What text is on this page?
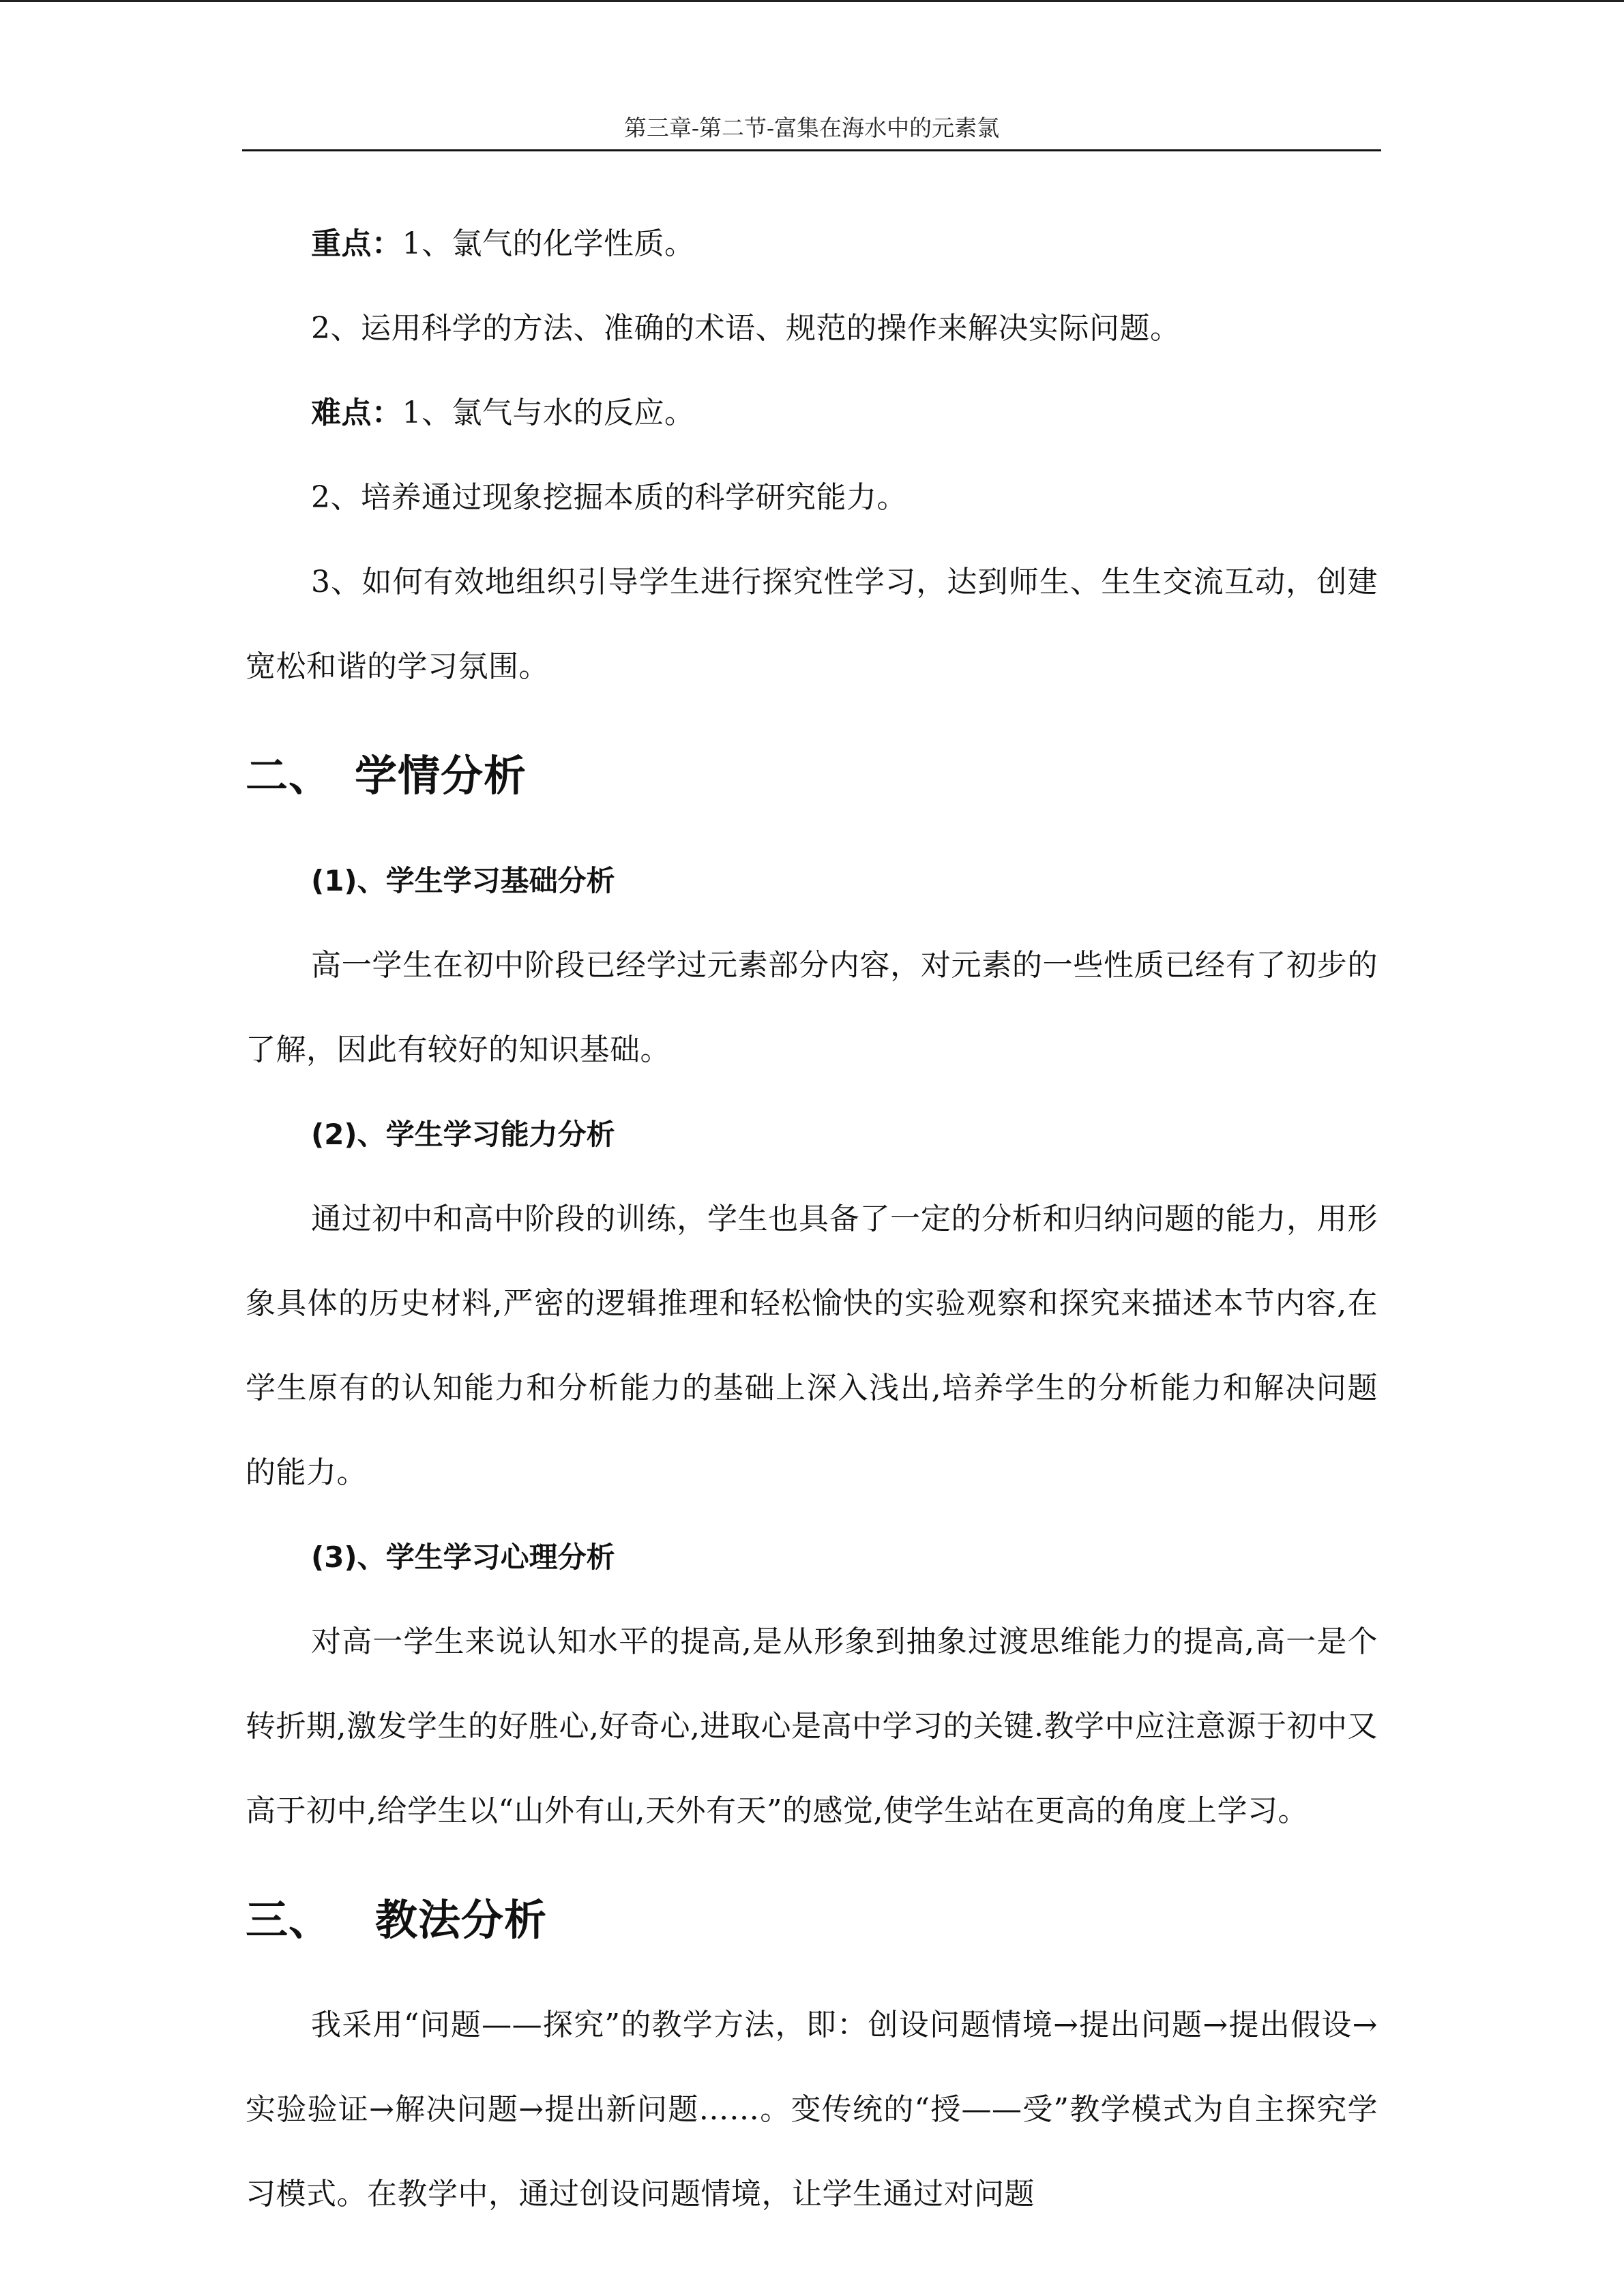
第三章-第二节-富集在海水中的元素氯

重点：1、氯气的化学性质。

2、运用科学的方法、准确的术语、规范的操作来解决实际问题。

难点：1、氯气与水的反应。

2、培养通过现象挖掘本质的科学研究能力。

3、如何有效地组织引导学生进行探究性学习，达到师生、生生交流互动，创建宽松和谐的学习氛围。

二、 学情分析

(1)、学生学习基础分析

高一学生在初中阶段已经学过元素部分内容，对元素的一些性质已经有了初步的了解，因此有较好的知识基础。

(2)、学生学习能力分析

通过初中和高中阶段的训练，学生也具备了一定的分析和归纳问题的能力，用形象具体的历史材料,严密的逻辑推理和轻松愉快的实验观察和探究来描述本节内容,在学生原有的认知能力和分析能力的基础上深入浅出,培养学生的分析能力和解决问题的能力。

(3)、学生学习心理分析

对高一学生来说认知水平的提高,是从形象到抽象过渡思维能力的提高,高一是个转折期,激发学生的好胜心,好奇心,进取心是高中学习的关键.教学中应注意源于初中又高于初中,给学生以“山外有山,天外有天”的感觉,使学生站在更高的角度上学习。

三、 教法分析

我采用“问题——探究”的教学方法，即：创设问题情境→提出问题→提出假设→实验验证→解决问题→提出新问题……。变传统的“授——受”教学模式为自主探究学习模式。在教学中，通过创设问题情境，让学生通过对问题
